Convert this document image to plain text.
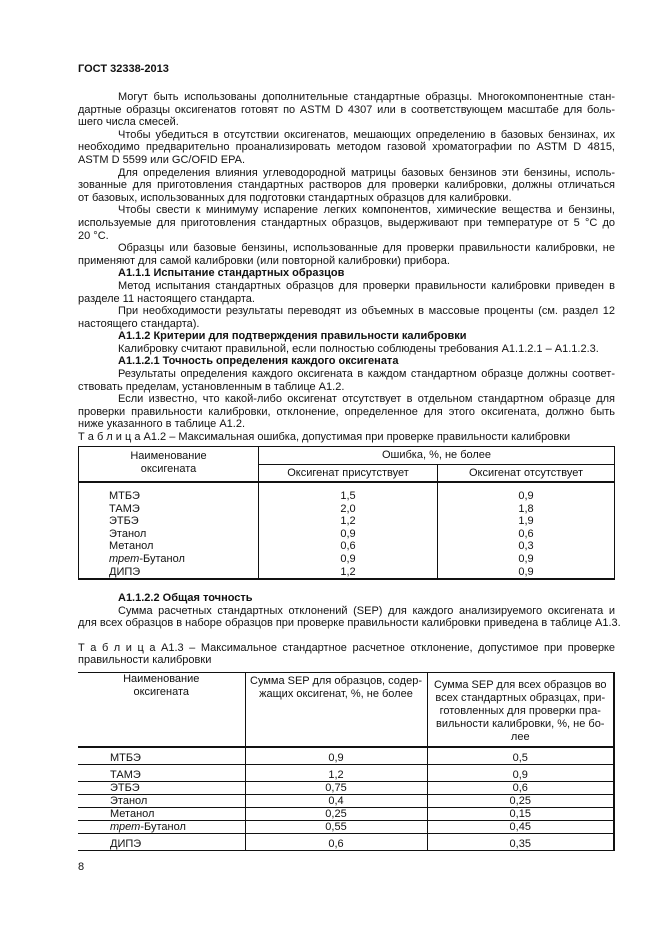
ГОСТ 32338-2013
Могут быть использованы дополнительные стандартные образцы. Многокомпонентные стан-
дартные образцы оксигенатов готовят по ASTM D 4307 или в соответствующем масштабе для боль-
шего числа смесей.
Чтобы убедиться в отсутствии оксигенатов, мешающих определению в базовых бензинах, их
необходимо предварительно проанализировать методом газовой хроматографии по ASTM D 4815,
ASTM D 5599 или GC/OFID EPA.
Для определения влияния углеводородной матрицы базовых бензинов эти бензины, исполь-
зованные для приготовления стандартных растворов для проверки калибровки, должны отличаться
от базовых, использованных для подготовки стандартных образцов для калибровки.
Чтобы свести к минимуму испарение легких компонентов, химические вещества и бензины,
используемые для приготовления стандартных образцов, выдерживают при температуре от 5 °C до
20 °C.
Образцы или базовые бензины, использованные для проверки правильности калибровки, не
применяют для самой калибровки (или повторной калибровки) прибора.
А1.1.1 Испытание стандартных образцов
Метод испытания стандартных образцов для проверки правильности калибровки приведен в
разделе 11 настоящего стандарта.
При необходимости результаты переводят из объемных в массовые проценты (см. раздел 12
настоящего стандарта).
А1.1.2 Критерии для подтверждения правильности калибровки
Калибровку считают правильной, если полностью соблюдены требования А1.1.2.1 – А1.1.2.3.
А1.1.2.1 Точность определения каждого оксигената
Результаты определения каждого оксигената в каждом стандартном образце должны соответ-
ствовать пределам, установленным в таблице А1.2.
Если известно, что какой-либо оксигенат отсутствует в отдельном стандартном образце для
проверки правильности калибровки, отклонение, определенное для этого оксигената, должно быть
ниже указанного в таблице А1.2.
Т а б л и ц а А1.2 – Максимальная ошибка, допустимая при проверке правильности калибровки
Наименование оксигената	Ошибка, %, не более	
	Оксигенат присутствует	Оксигенат отсутствует
МТБЭ	1,5	0,9
ТАМЭ	2,0	1,8
ЭТБЭ	1,2	1,9
Этанол	0,9	0,6
Метанол	0,6	0,3
трет-Бутанол	0,9	0,9
ДИПЭ	1,2	0,9
А1.1.2.2 Общая точность
Сумма расчетных стандартных отклонений (SEP) для каждого анализируемого оксигената и
для всех образцов в наборе образцов при проверке правильности калибровки приведена в таблице А1.3.
Т а б л и ц а А1.3 – Максимальное стандартное расчетное отклонение, допустимое при проверке
правильности калибровки
Наименование оксигената	Сумма SEP для образцов, содер-жащих оксигенат, %, не более	Сумма SEP для всех образцов во всех стандартных образцах, при-готовленных для проверки пра-вильности калибровки, %, не бо-лее
МТБЭ	0,9	0,5
ТАМЭ	1,2	0,9
ЭТБЭ	0,75	0,6
Этанол	0,4	0,25
Метанол	0,25	0,15
трет-Бутанол	0,55	0,45
ДИПЭ	0,6	0,35
8
